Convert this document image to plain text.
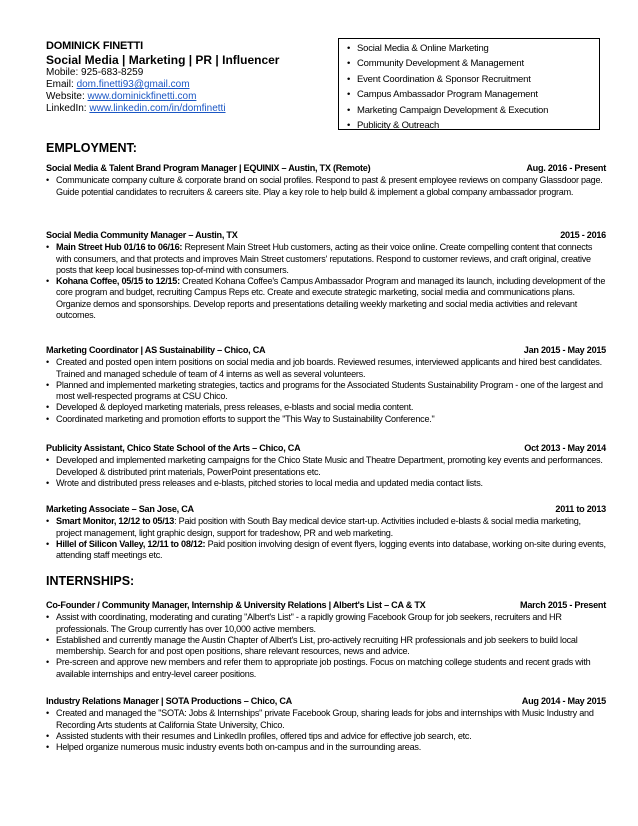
DOMINICK FINETTI
Social Media | Marketing | PR | Influencer
Mobile: 925-683-8259
Email: dom.finetti93@gmail.com
Website: www.dominickfinetti.com
LinkedIn: www.linkedin.com/in/domfinetti
• Social Media & Online Marketing
• Community Development & Management
• Event Coordination & Sponsor Recruitment
• Campus Ambassador Program Management
• Marketing Campaign Development & Execution
• Publicity & Outreach
EMPLOYMENT:
Social Media & Talent Brand Program Manager | EQUINIX – Austin, TX (Remote)	Aug. 2016 - Present
• Communicate company culture & corporate brand on social profiles. Respond to past & present employee reviews on company Glassdoor page. Guide potential candidates to recruiters & careers site. Play a key role to help build & implement a global company ambassador program.
Social Media Community Manager – Austin, TX	2015 - 2016
• Main Street Hub 01/16 to 06/16: Represent Main Street Hub customers, acting as their voice online. Create compelling content that connects with consumers, and that protects and improves Main Street customers' reputations. Respond to customer reviews, and craft original, creative posts that keep local businesses top-of-mind with consumers.
• Kohana Coffee, 05/15 to 12/15: Created Kohana Coffee's Campus Ambassador Program and managed its launch, including development of the core program and budget, recruiting Campus Reps etc. Create and execute strategic marketing, social media and communications plans. Organize demos and sponsorships. Develop reports and presentations detailing weekly marketing and social media activities and relevant outcomes.
Marketing Coordinator | AS Sustainability – Chico, CA	Jan 2015 - May 2015
• Created and posted open intern positions on social media and job boards. Reviewed resumes, interviewed applicants and hired best candidates. Trained and managed schedule of team of 4 interns as well as several volunteers.
• Planned and implemented marketing strategies, tactics and programs for the Associated Students Sustainability Program - one of the largest and most well-respected programs at CSU Chico.
• Developed & deployed marketing materials, press releases, e-blasts and social media content.
• Coordinated marketing and promotion efforts to support the "This Way to Sustainability Conference."
Publicity Assistant, Chico State School of the Arts – Chico, CA	Oct 2013 - May 2014
• Developed and implemented marketing campaigns for the Chico State Music and Theatre Department, promoting key events and performances. Developed & distributed print materials, PowerPoint presentations etc.
• Wrote and distributed press releases and e-blasts, pitched stories to local media and updated media contact lists.
Marketing Associate – San Jose, CA	2011 to 2013
• Smart Monitor, 12/12 to 05/13: Paid position with South Bay medical device start-up. Activities included e-blasts & social media marketing, project management, light graphic design, support for tradeshow, PR and web marketing.
• Hillel of Silicon Valley, 12/11 to 08/12: Paid position involving design of event flyers, logging events into database, working on-site during events, attending staff meetings etc.
INTERNSHIPS:
Co-Founder / Community Manager, Internship & University Relations | Albert's List – CA & TX	March 2015 - Present
• Assist with coordinating, moderating and curating "Albert's List" - a rapidly growing Facebook Group for job seekers, recruiters and HR professionals. The Group currently has over 10,000 active members.
• Established and currently manage the Austin Chapter of Albert's List, pro-actively recruiting HR professionals and job seekers to build local membership. Search for and post open positions, share relevant resources, news and advice.
• Pre-screen and approve new members and refer them to appropriate job postings. Focus on matching college students and recent grads with available internships and entry-level career positions.
Industry Relations Manager | SOTA Productions – Chico, CA	Aug 2014 - May 2015
• Created and managed the "SOTA: Jobs & Internships" private Facebook Group, sharing leads for jobs and internships with Music Industry and Recording Arts students at California State University, Chico.
• Assisted students with their resumes and LinkedIn profiles, offered tips and advice for effective job search, etc.
• Helped organize numerous music industry events both on-campus and in the surrounding areas.
